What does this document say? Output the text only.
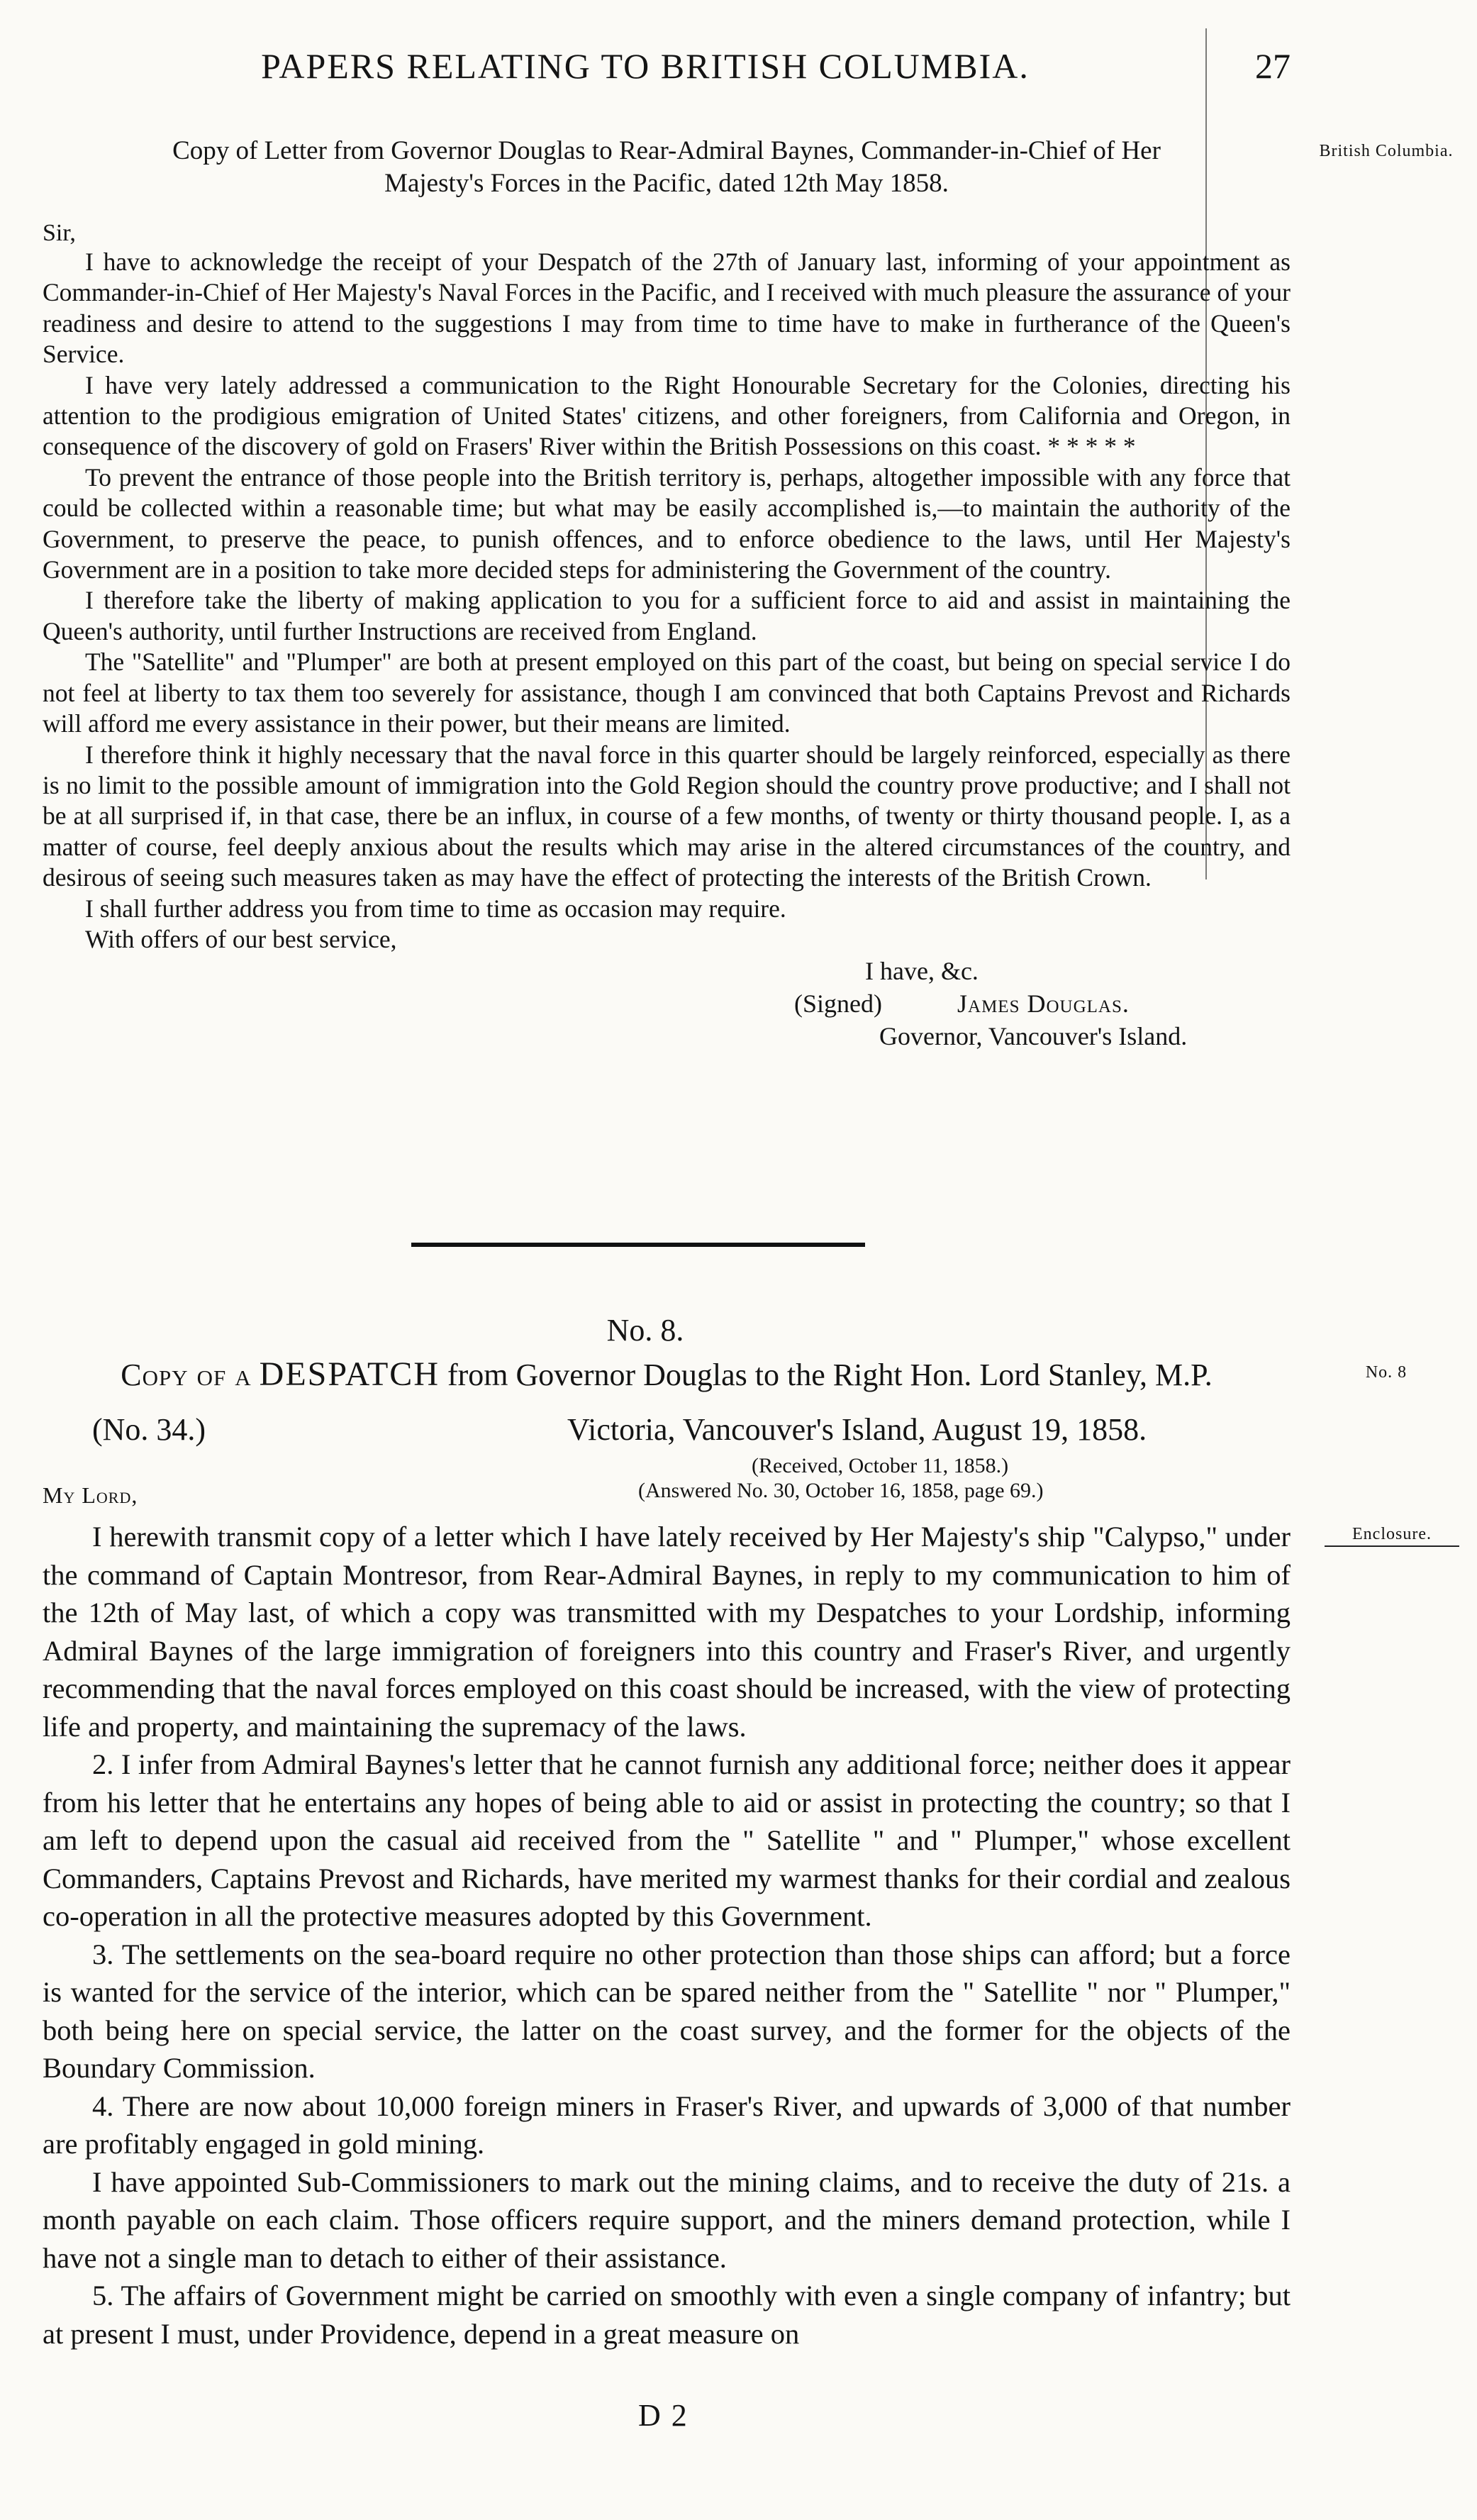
PAPERS RELATING TO BRITISH COLUMBIA.	27
British Columbia.
Copy of Letter from Governor Douglas to Rear-Admiral Baynes, Commander-in-Chief of Her Majesty's Forces in the Pacific, dated 12th May 1858.
Sir,

I have to acknowledge the receipt of your Despatch of the 27th of January last, informing of your appointment as Commander-in-Chief of Her Majesty's Naval Forces in the Pacific, and I received with much pleasure the assurance of your readiness and desire to attend to the suggestions I may from time to time have to make in furtherance of the Queen's Service.

I have very lately addressed a communication to the Right Honourable Secretary for the Colonies, directing his attention to the prodigious emigration of United States' citizens, and other foreigners, from California and Oregon, in consequence of the discovery of gold on Frasers' River within the British Possessions on this coast. * * * * *

To prevent the entrance of those people into the British territory is, perhaps, altogether impossible with any force that could be collected within a reasonable time; but what may be easily accomplished is,—to maintain the authority of the Government, to preserve the peace, to punish offences, and to enforce obedience to the laws, until Her Majesty's Government are in a position to take more decided steps for administering the Government of the country.

I therefore take the liberty of making application to you for a sufficient force to aid and assist in maintaining the Queen's authority, until further Instructions are received from England.

The "Satellite" and "Plumper" are both at present employed on this part of the coast, but being on special service I do not feel at liberty to tax them too severely for assistance, though I am convinced that both Captains Prevost and Richards will afford me every assistance in their power, but their means are limited.

I therefore think it highly necessary that the naval force in this quarter should be largely reinforced, especially as there is no limit to the possible amount of immigration into the Gold Region should the country prove productive; and I shall not be at all surprised if, in that case, there be an influx, in course of a few months, of twenty or thirty thousand people. I, as a matter of course, feel deeply anxious about the results which may arise in the altered circumstances of the country, and desirous of seeing such measures taken as may have the effect of protecting the interests of the British Crown.

I shall further address you from time to time as occasion may require.

With offers of our best service,

I have, &c.
(Signed)	James Douglas.
Governor, Vancouver's Island.
No. 8.
Copy of a DESPATCH from Governor Douglas to the Right Hon. Lord Stanley, M.P.	No. 8
(No. 34.)	Victoria, Vancouver's Island, August 19, 1858.
(Received, October 11, 1858.)
(Answered No. 30, October 16, 1858, page 69.)
My Lord,
Enclosure.

I herewith transmit copy of a letter which I have lately received by Her Majesty's ship "Calypso," under the command of Captain Montresor, from Rear-Admiral Baynes, in reply to my communication to him of the 12th of May last, of which a copy was transmitted with my Despatches to your Lordship, informing Admiral Baynes of the large immigration of foreigners into this country and Fraser's River, and urgently recommending that the naval forces employed on this coast should be increased, with the view of protecting life and property, and maintaining the supremacy of the laws.

2. I infer from Admiral Baynes's letter that he cannot furnish any additional force; neither does it appear from his letter that he entertains any hopes of being able to aid or assist in protecting the country; so that I am left to depend upon the casual aid received from the " Satellite " and " Plumper," whose excellent Commanders, Captains Prevost and Richards, have merited my warmest thanks for their cordial and zealous co-operation in all the protective measures adopted by this Government.

3. The settlements on the sea-board require no other protection than those ships can afford; but a force is wanted for the service of the interior, which can be spared neither from the " Satellite " nor " Plumper," both being here on special service, the latter on the coast survey, and the former for the objects of the Boundary Commission.

4. There are now about 10,000 foreign miners in Fraser's River, and upwards of 3,000 of that number are profitably engaged in gold mining.

I have appointed Sub-Commissioners to mark out the mining claims, and to receive the duty of 21s. a month payable on each claim. Those officers require support, and the miners demand protection, while I have not a single man to detach to either of their assistance.

5. The affairs of Government might be carried on smoothly with even a single company of infantry; but at present I must, under Providence, depend in a great measure on

D 2
